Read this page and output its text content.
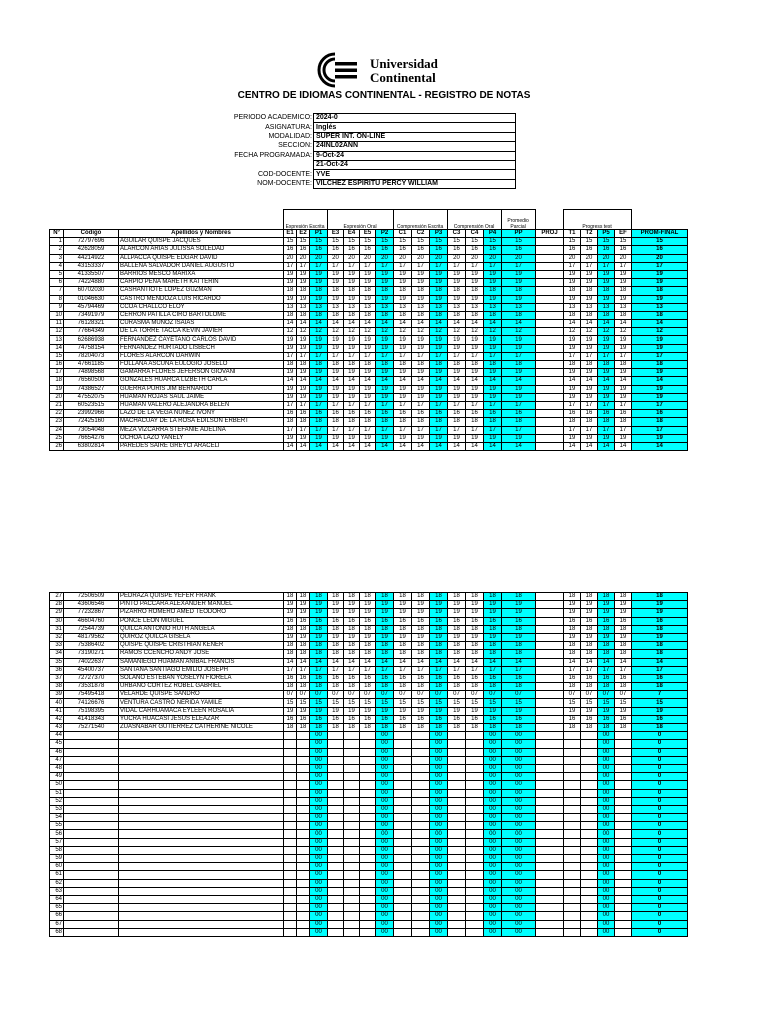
Universidad
Continental
CENTRO DE IDIOMAS CONTINENTAL - REGISTRO DE NOTAS
PERIODO ACADEMICO:	2024-0
ASIGNATURA:	Inglés
MODALIDAD:	SUPER INT. ON-LINE
SECCION:	24INL02ANN
FECHA PROGRAMADA:	9-Oct-24
	21-Oct-24
COD-DOCENTE:	YVE
NOM-DOCENTE:	VILCHEZ ESPIRITU PERCY WILLIAM
	Expresión Escrita	Expresión Oral	Comprensión Escrita	Comprensión Oral	Promedio Parcial		Progress test	
Nº	Código	Apellidos y Nombres	E1	E2	P1	E3	E4	E5	P2	C1	C2	P3	C3	C4	P4	PP	PROJ	T1	T2	P5	EF	PROM-FINAL
1	72797696	AGUILAR QUISPE JACQUES	15	15	15	15	15	15	15	15	15	15	15	15	15	15		15	15	15	15	15
2	42628059	ALARCON ARIAS JULISSA SOLEDAD	16	16	16	16	16	16	16	16	16	16	16	16	16	16		16	16	16	16	16
3	44214922	ALLPACCA QUISPE EDGAR DAVID	20	20	20	20	20	20	20	20	20	20	20	20	20	20		20	20	20	20	20
4	43153337	BALLENA SALVADOR DANIEL AUGUSTO	17	17	17	17	17	17	17	17	17	17	17	17	17	17		17	17	17	17	17
5	41335507	BARRIOS MESCO MARIXA	19	19	19	19	19	19	19	19	19	19	19	19	19	19		19	19	19	19	19
6	74224880	CARPIO PEÑA MARETH KATTERIN	19	19	19	19	19	19	19	19	19	19	19	19	19	19		19	19	19	19	19
7	60702030	CASHANTIOTE LOPEZ GUZMAN	18	18	18	18	18	18	18	18	18	18	18	18	18	18		18	18	18	18	18
8	01046630	CASTRO MENDOZA LUIS RICARDO	19	19	19	19	19	19	19	19	19	19	19	19	19	19		19	19	19	19	19
9	45794469	CCOA CHALLCO ELOY	13	13	13	13	13	13	13	13	13	13	13	13	13	13		13	13	13	13	13
10	73491979	CERRON PATILLA CIRO BARTOLOME	18	18	18	18	18	18	18	18	18	18	18	18	18	18		18	18	18	18	18
11	76128321	CURASMA MUÑOZ ISAIAS	14	14	14	14	14	14	14	14	14	14	14	14	14	14		14	14	14	14	14
12	77664349	DE LA TORRE TACCA KEVIN JAVIER	12	12	12	12	12	12	12	12	12	12	12	12	12	12		12	12	12	12	12
13	62686938	FERNANDEZ CAYETANO CARLOS DAVID	19	19	19	19	19	19	19	19	19	19	19	19	19	19		19	19	19	19	19
14	74758154	FERNANDEZ HURTADO LISBECH	19	19	19	19	19	19	19	19	19	19	19	19	19	19		19	19	19	19	19
15	78204073	FLORES ALARCON DARWIN	17	17	17	17	17	17	17	17	17	17	17	17	17	17		17	17	17	17	17
16	47661185	FOLLANA ASCUNA EULOGIO JOSELO	18	18	18	18	18	18	18	18	18	18	18	18	18	18		18	18	18	18	18
17	74898568	GAMARRA FLORES JEFERSON GIOVANI	19	19	19	19	19	19	19	19	19	19	19	19	19	19		19	19	19	19	19
18	76560500	GONZALES HUARCA LIZBETH CARLA	14	14	14	14	14	14	14	14	14	14	14	14	14	14		14	14	14	14	14
19	74386527	GUERRA PURIS JIM BERNARDO	19	19	19	19	19	19	19	19	19	19	19	19	19	19		19	19	19	19	19
20	47552075	HUAMAN ROJAS SAUL JAIME	19	19	19	19	19	19	19	19	19	19	19	19	19	19		19	19	19	19	19
21	60523515	HUAMAN VALERO ALEJANDRA BELEN	17	17	17	17	17	17	17	17	17	17	17	17	17	17		17	17	17	17	17
22	23992966	LAZO DE LA VEGA NUÑEZ IVONY	16	16	16	16	16	16	16	16	16	16	16	16	16	16		16	16	16	16	16
23	72425160	MACHACUAY DE LA ROSA EDILSON ERBERT	18	18	18	18	18	18	18	18	18	18	18	18	18	18		18	18	18	18	18
24	73054048	MEZA VIZCARRA STEFANIE ADELINA	17	17	17	17	17	17	17	17	17	17	17	17	17	17		17	17	17	17	17
25	76654276	OCHOA LAZO YANELY	19	19	19	19	19	19	19	19	19	19	19	19	19	19		19	19	19	19	19
26	63802814	PAREDES SAIRE GREYCI ARACELI	14	14	14	14	14	14	14	14	14	14	14	14	14	14		14	14	14	14	14
27	72506509	PEDRAZA QUISPE YEFER FRANK	18	18	18	18	18	18	18	18	18	18	18	18	18	18		18	18	18	18	18
28	43606546	PINTO PACCARA ALEXANDER MANUEL	19	19	19	19	19	19	19	19	19	19	19	19	19	19		19	19	19	19	19
29	77232867	PIZARRO ROMERO AMED TEODORO	19	19	19	19	19	19	19	19	19	19	19	19	19	19		19	19	19	19	19
30	46604760	PONCE LEON MIGUEL	16	16	16	16	16	16	16	16	16	16	16	16	16	16		16	16	16	16	16
31	72544739	QUILCA ANTONIO RUTH ANGELA	18	18	18	18	18	18	18	18	18	18	18	18	18	18		18	18	18	18	18
32	48179562	QUIROZ QUILCA GISELA	19	19	19	19	19	19	19	19	19	19	19	19	19	19		19	19	19	19	19
33	75386402	QUISPE QUISPE CRISTHIAN KENER	18	18	18	18	18	18	18	18	18	18	18	18	18	18		18	18	18	18	18
34	73190271	RAMOS CCENCHO ANDY JOSE	18	18	18	18	18	18	18	18	18	18	18	18	18	18		18	18	18	18	18
35	74022637	SAMANIEGO HUAMAN ANIBAL FRANCIS	14	14	14	14	14	14	14	14	14	14	14	14	14	14		14	14	14	14	14
36	45400737	SANTANA SANTIAGO EMILIO JOSEPH	17	17	17	17	17	17	17	17	17	17	17	17	17	17		17	17	17	17	17
37	72727370	SOLANO ESTEBAN YOSELYN FIORELA	16	16	16	16	16	16	16	16	16	16	16	16	16	16		16	16	16	16	16
38	73531878	URBANO CORTEZ ROBEL GABRIEL	18	18	18	18	18	18	18	18	18	18	18	18	18	18		18	18	18	18	18
39	75495418	VELARDE QUISPE SANDRO	07	07	07	07	07	07	07	07	07	07	07	07	07	07		07	07	07	07	7
40	74126676	VENTURA CASTRO NERIDA YAMILE	15	15	15	15	15	15	15	15	15	15	15	15	15	15		15	15	15	15	15
41	75198395	VIDAL CARHUAMACA EYLEEN ROSALIA	19	19	19	19	19	19	19	19	19	19	19	19	19	19		19	19	19	19	19
42	41418343	YUCRA HUACASI JESUS ELEAZAR	16	16	16	16	16	16	16	16	16	16	16	16	16	16		16	16	16	16	16
43	75271540	ZUASNABAR GUTIERREZ CATHERINE NICOLE	18	18	18	18	18	18	18	18	18	18	18	18	18	18		18	18	18	18	18
44					00				00			00			00	00				00		0
45					00				00			00			00	00				00		0
46					00				00			00			00	00				00		0
47					00				00			00			00	00				00		0
48					00				00			00			00	00				00		0
49					00				00			00			00	00				00		0
50					00				00			00			00	00				00		0
51					00				00			00			00	00				00		0
52					00				00			00			00	00				00		0
53					00				00			00			00	00				00		0
54					00				00			00			00	00				00		0
55					00				00			00			00	00				00		0
56					00				00			00			00	00				00		0
57					00				00			00			00	00				00		0
58					00				00			00			00	00				00		0
59					00				00			00			00	00				00		0
60					00				00			00			00	00				00		0
61					00				00			00			00	00				00		0
62					00				00			00			00	00				00		0
63					00				00			00			00	00				00		0
64					00				00			00			00	00				00		0
65					00				00			00			00	00				00		0
66					00				00			00			00	00				00		0
67					00				00			00			00	00				00		0
68					00				00			00			00	00				00		0
